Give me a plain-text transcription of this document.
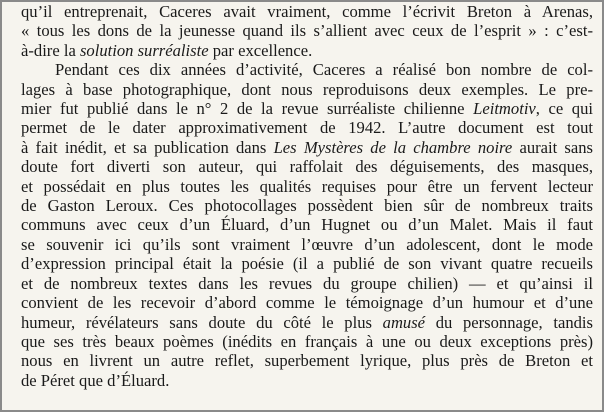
qu’il entreprenait, Caceres avait vraiment, comme l’écrivit Breton à Arenas,
« tous les dons de la jeunesse quand ils s’allient avec ceux de l’esprit » : c’est-
à-dire la solution surréaliste par excellence.
Pendant ces dix années d’activité, Caceres a réalisé bon nombre de col-
lages à base photographique, dont nous reproduisons deux exemples. Le pre-
mier fut publié dans le n° 2 de la revue surréaliste chilienne Leitmotiv, ce qui
permet de le dater approximativement de 1942. L’autre document est tout
à fait inédit, et sa publication dans Les Mystères de la chambre noire aurait sans
doute fort diverti son auteur, qui raffolait des déguisements, des masques,
et possédait en plus toutes les qualités requises pour être un fervent lecteur
de Gaston Leroux. Ces photocollages possèdent bien sûr de nombreux traits
communs avec ceux d’un Éluard, d’un Hugnet ou d’un Malet. Mais il faut
se souvenir ici qu’ils sont vraiment l’œuvre d’un adolescent, dont le mode
d’expression principal était la poésie (il a publié de son vivant quatre recueils
et de nombreux textes dans les revues du groupe chilien) — et qu’ainsi il
convient de les recevoir d’abord comme le témoignage d’un humour et d’une
humeur, révélateurs sans doute du côté le plus amusé du personnage, tandis
que ses très beaux poèmes (inédits en français à une ou deux exceptions près)
nous en livrent un autre reflet, superbement lyrique, plus près de Breton et
de Péret que d’Éluard.
